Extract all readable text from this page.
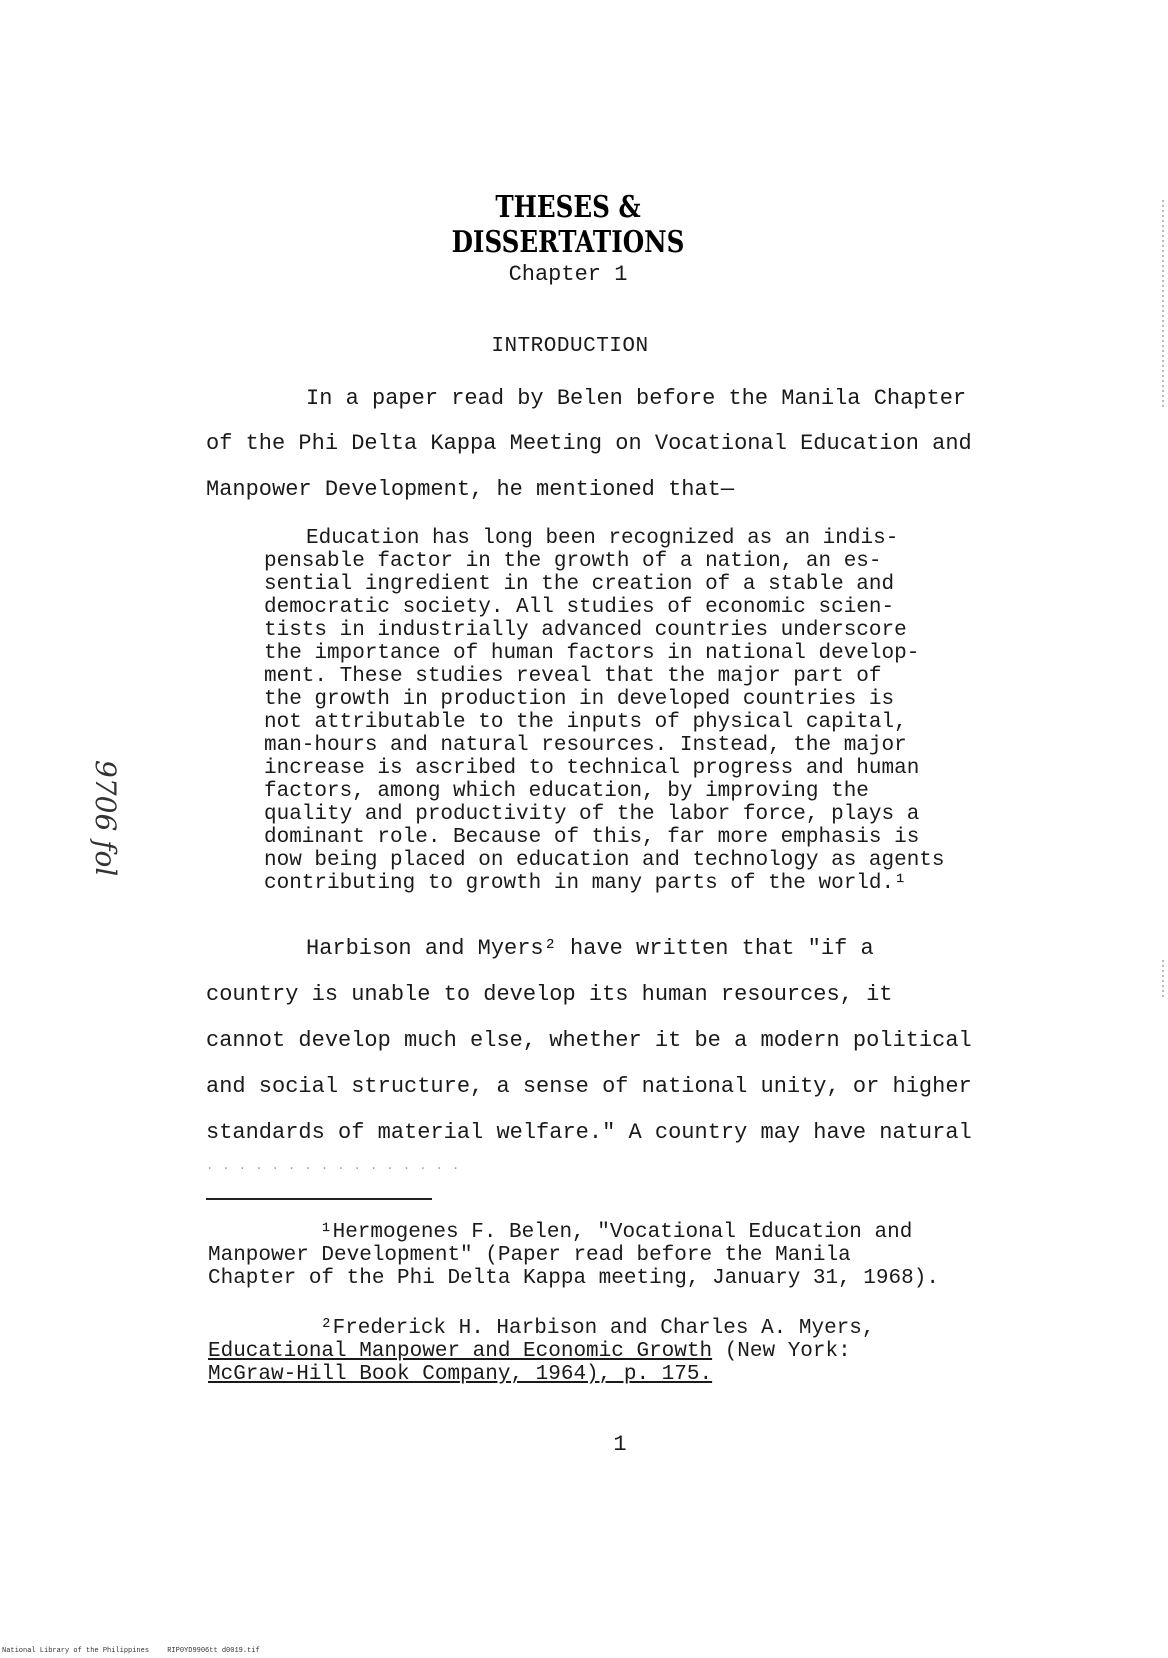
THESES & DISSERTATIONS
Chapter 1
INTRODUCTION
In a paper read by Belen before the Manila Chapter
of the Phi Delta Kappa Meeting on Vocational Education and
Manpower Development, he mentioned that—
Education has long been recognized as an indis-
pensable factor in the growth of a nation, an es-
sential ingredient in the creation of a stable and
democratic society. All studies of economic scien-
tists in industrially advanced countries underscore
the importance of human factors in national develop-
ment. These studies reveal that the major part of
the growth in production in developed countries is
not attributable to the inputs of physical capital,
man-hours and natural resources. Instead, the major
increase is ascribed to technical progress and human
factors, among which education, by improving the
quality and productivity of the labor force, plays a
dominant role. Because of this, far more emphasis is
now being placed on education and technology as agents
contributing to growth in many parts of the world.¹
Harbison and Myers² have written that "if a
country is unable to develop its human resources, it
cannot develop much else, whether it be a modern political
and social structure, a sense of national unity, or higher
standards of material welfare." A country may have natural
. . . . . . . . . . . . . . . .
¹Hermogenes F. Belen, "Vocational Education and
Manpower Development" (Paper read before the Manila
Chapter of the Phi Delta Kappa meeting, January 31, 1968).
²Frederick H. Harbison and Charles A. Myers,
Educational Manpower and Economic Growth (New York:
McGraw-Hill Book Company, 1964), p. 175.
1
9706 fol
National Library of the Philippines	RIP0YD9906tt d0019.tif
